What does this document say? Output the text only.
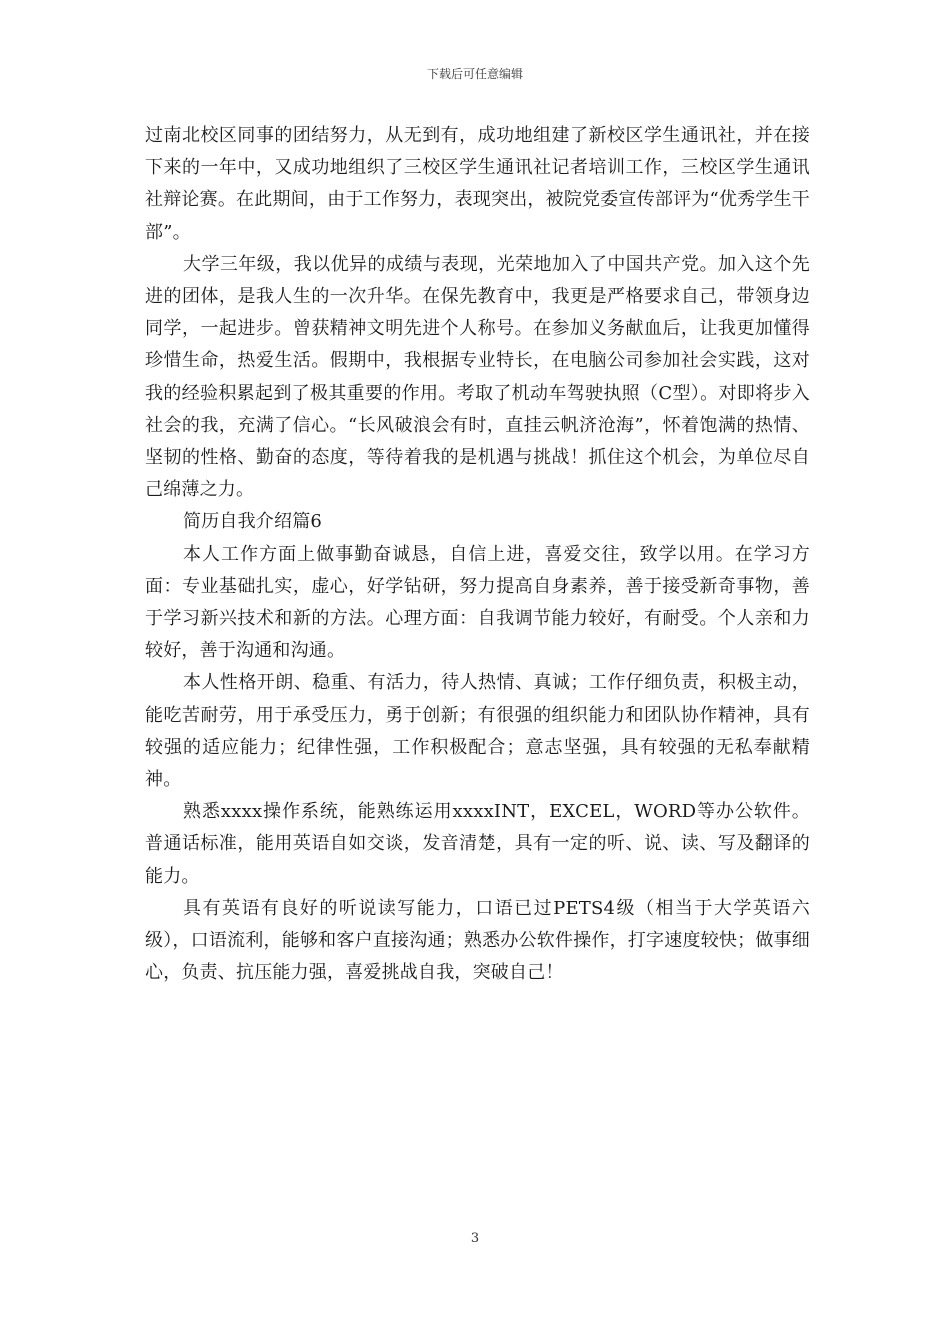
下载后可任意编辑

过南北校区同事的团结努力，从无到有，成功地组建了新校区学生通讯社，并在接下来的一年中，又成功地组织了三校区学生通讯社记者培训工作，三校区学生通讯社辩论赛。在此期间，由于工作努力，表现突出，被院党委宣传部评为“优秀学生干部”。

大学三年级，我以优异的成绩与表现，光荣地加入了中国共产党。加入这个先进的团体，是我人生的一次升华。在保先教育中，我更是严格要求自己，带领身边同学，一起进步。曾获精神文明先进个人称号。在参加义务献血后，让我更加懂得珍惜生命，热爱生活。假期中，我根据专业特长，在电脑公司参加社会实践，这对我的经验积累起到了极其重要的作用。考取了机动车驾驶执照（C型）。对即将步入社会的我，充满了信心。“长风破浪会有时，直挂云帆济沧海”，怀着饱满的热情、坚韧的性格、勤奋的态度，等待着我的是机遇与挑战！抓住这个机会，为单位尽自己绵薄之力。

简历自我介绍篇6

本人工作方面上做事勤奋诚恳，自信上进，喜爱交往，致学以用。在学习方面：专业基础扎实，虚心，好学钻研，努力提高自身素养，善于接受新奇事物，善于学习新兴技术和新的方法。心理方面：自我调节能力较好，有耐受。个人亲和力较好，善于沟通和沟通。

本人性格开朗、稳重、有活力，待人热情、真诚；工作仔细负责，积极主动，能吃苦耐劳，用于承受压力，勇于创新；有很强的组织能力和团队协作精神，具有较强的适应能力；纪律性强，工作积极配合；意志坚强，具有较强的无私奉献精神。

熟悉xxxx操作系统，能熟练运用xxxxINT，EXCEL，WORD等办公软件。普通话标准，能用英语自如交谈，发音清楚，具有一定的听、说、读、写及翻译的能力。

具有英语有良好的听说读写能力，口语已过PETS4级（相当于大学英语六级），口语流利，能够和客户直接沟通；熟悉办公软件操作，打字速度较快；做事细心，负责、抗压能力强，喜爱挑战自我，突破自己！

3
